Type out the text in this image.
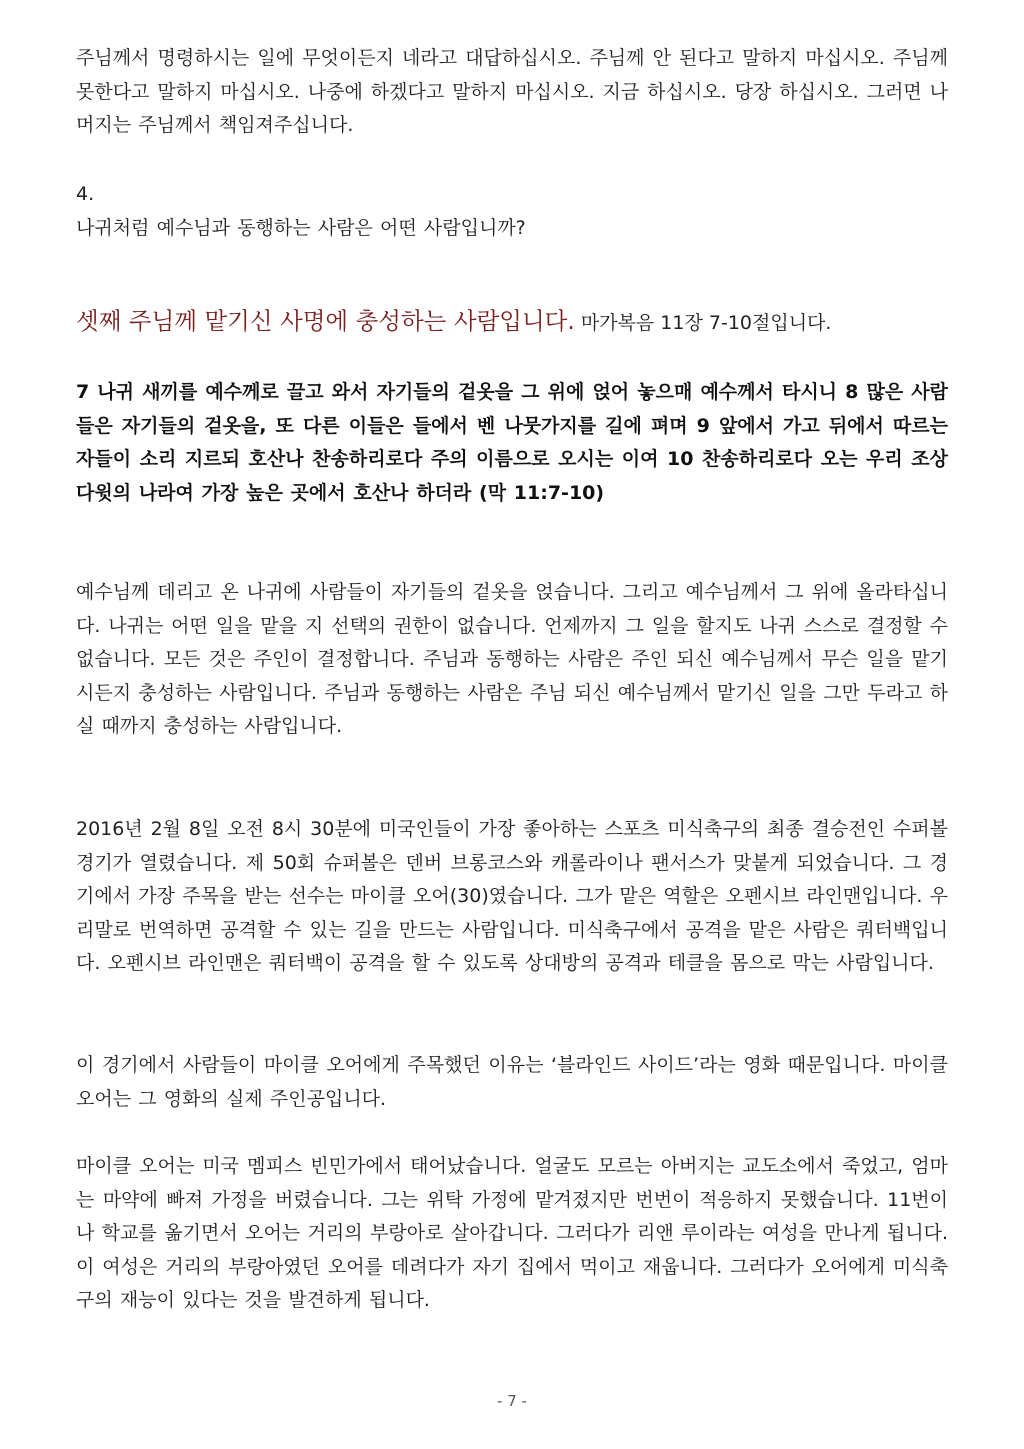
주님께서 명령하시는 일에 무엇이든지 네라고 대답하십시오. 주님께 안 된다고 말하지 마십시오. 주님께 못한다고 말하지 마십시오. 나중에 하겠다고 말하지 마십시오. 지금 하십시오. 당장 하십시오. 그러면 나머지는 주님께서 책임져주십니다.

4.

나귀처럼 예수님과 동행하는 사람은 어떤 사람입니까?

셋째 주님께 맡기신 사명에 충성하는 사람입니다. 마가복음 11장 7-10절입니다.

7 나귀 새끼를 예수께로 끌고 와서 자기들의 겉옷을 그 위에 얹어 놓으매 예수께서 타시니 8 많은 사람들은 자기들의 겉옷을, 또 다른 이들은 들에서 벤 나뭇가지를 길에 펴며 9 앞에서 가고 뒤에서 따르는 자들이 소리 지르되 호산나 찬송하리로다 주의 이름으로 오시는 이여 10 찬송하리로다 오는 우리 조상 다윗의 나라여 가장 높은 곳에서 호산나 하더라 (막 11:7-10)

예수님께 데리고 온 나귀에 사람들이 자기들의 겉옷을 얹습니다. 그리고 예수님께서 그 위에 올라타십니다. 나귀는 어떤 일을 맡을 지 선택의 권한이 없습니다. 언제까지 그 일을 할지도 나귀 스스로 결정할 수 없습니다. 모든 것은 주인이 결정합니다. 주님과 동행하는 사람은 주인 되신 예수님께서 무슨 일을 맡기시든지 충성하는 사람입니다. 주님과 동행하는 사람은 주님 되신 예수님께서 맡기신 일을 그만 두라고 하실 때까지 충성하는 사람입니다.

2016년 2월 8일 오전 8시 30분에 미국인들이 가장 좋아하는 스포츠 미식축구의 최종 결승전인 수퍼볼 경기가 열렸습니다. 제 50회 슈퍼볼은 덴버 브롱코스와 캐롤라이나 팬서스가 맞붙게 되었습니다. 그 경기에서 가장 주목을 받는 선수는 마이클 오어(30)였습니다. 그가 맡은 역할은 오펜시브 라인맨입니다. 우리말로 번역하면 공격할 수 있는 길을 만드는 사람입니다. 미식축구에서 공격을 맡은 사람은 쿼터백입니다. 오펜시브 라인맨은 쿼터백이 공격을 할 수 있도록 상대방의 공격과 테클을 몸으로 막는 사람입니다.

이 경기에서 사람들이 마이클 오어에게 주목했던 이유는 ‘블라인드 사이드’라는 영화 때문입니다. 마이클 오어는 그 영화의 실제 주인공입니다.

마이클 오어는 미국 멤피스 빈민가에서 태어났습니다. 얼굴도 모르는 아버지는 교도소에서 죽었고, 엄마는 마약에 빠져 가정을 버렸습니다. 그는 위탁 가정에 맡겨졌지만 번번이 적응하지 못했습니다. 11번이나 학교를 옮기면서 오어는 거리의 부랑아로 살아갑니다. 그러다가 리앤 루이라는 여성을 만나게 됩니다. 이 여성은 거리의 부랑아였던 오어를 데려다가 자기 집에서 먹이고 재웁니다. 그러다가 오어에게 미식축구의 재능이 있다는 것을 발견하게 됩니다.

- 7 -
